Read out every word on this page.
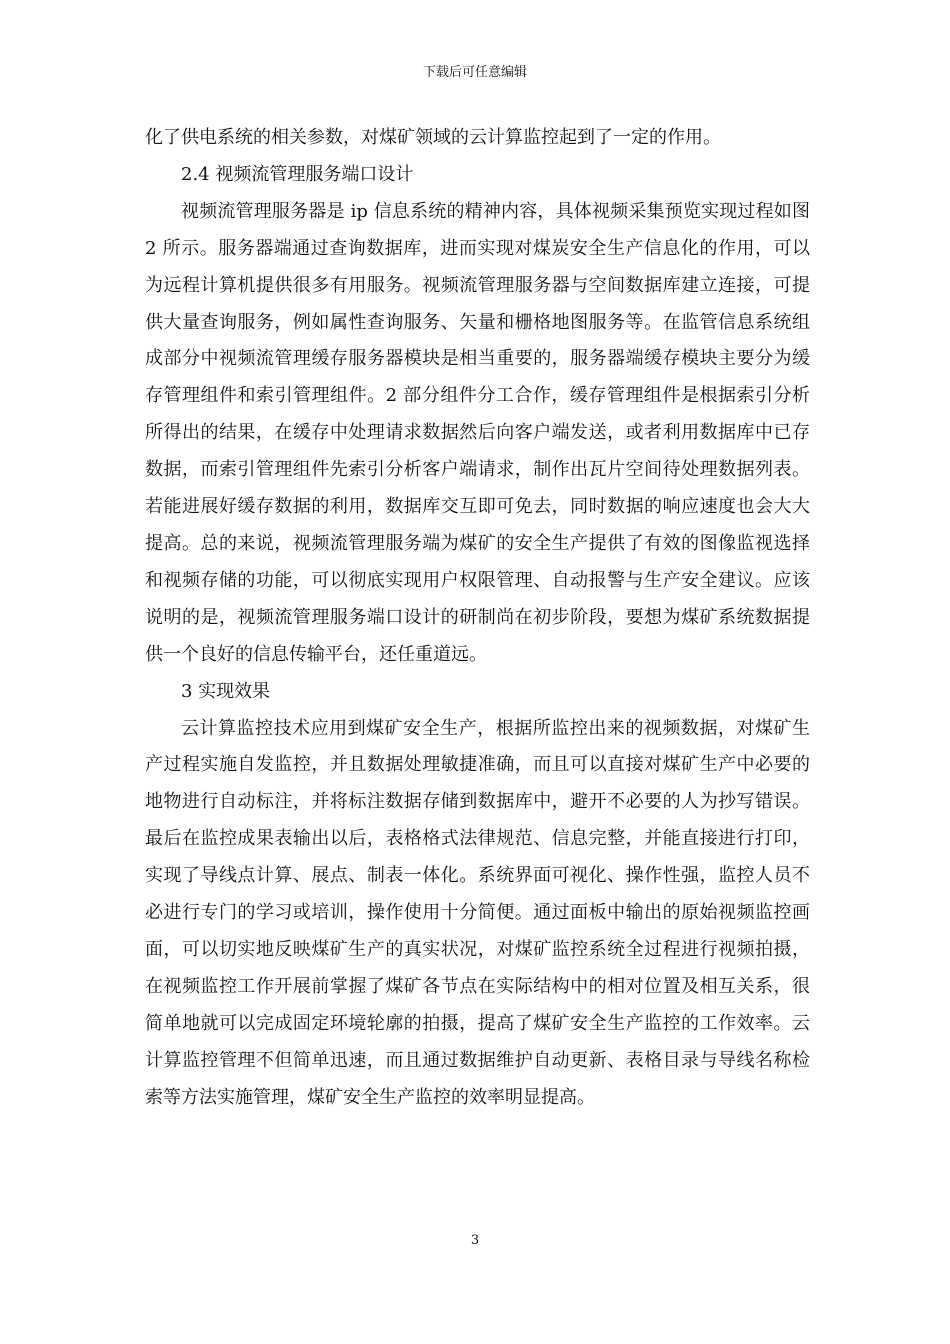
下载后可任意编辑

化了供电系统的相关参数，对煤矿领域的云计算监控起到了一定的作用。

2.4 视频流管理服务端口设计

视频流管理服务器是 ip 信息系统的精神内容，具体视频采集预览实现过程如图 2 所示。服务器端通过查询数据库，进而实现对煤炭安全生产信息化的作用，可以为远程计算机提供很多有用服务。视频流管理服务器与空间数据库建立连接，可提供大量查询服务，例如属性查询服务、矢量和栅格地图服务等。在监管信息系统组成部分中视频流管理缓存服务器模块是相当重要的，服务器端缓存模块主要分为缓存管理组件和索引管理组件。2 部分组件分工合作，缓存管理组件是根据索引分析所得出的结果，在缓存中处理请求数据然后向客户端发送，或者利用数据库中已存数据，而索引管理组件先索引分析客户端请求，制作出瓦片空间待处理数据列表。若能进展好缓存数据的利用，数据库交互即可免去，同时数据的响应速度也会大大提高。总的来说，视频流管理服务端为煤矿的安全生产提供了有效的图像监视选择和视频存储的功能，可以彻底实现用户权限管理、自动报警与生产安全建议。应该说明的是，视频流管理服务端口设计的研制尚在初步阶段，要想为煤矿系统数据提供一个良好的信息传输平台，还任重道远。

3 实现效果

云计算监控技术应用到煤矿安全生产，根据所监控出来的视频数据，对煤矿生产过程实施自发监控，并且数据处理敏捷准确，而且可以直接对煤矿生产中必要的地物进行自动标注，并将标注数据存储到数据库中，避开不必要的人为抄写错误。最后在监控成果表输出以后，表格格式法律规范、信息完整，并能直接进行打印，实现了导线点计算、展点、制表一体化。系统界面可视化、操作性强，监控人员不必进行专门的学习或培训，操作使用十分简便。通过面板中输出的原始视频监控画面，可以切实地反映煤矿生产的真实状况，对煤矿监控系统全过程进行视频拍摄，在视频监控工作开展前掌握了煤矿各节点在实际结构中的相对位置及相互关系，很简单地就可以完成固定环境轮廓的拍摄，提高了煤矿安全生产监控的工作效率。云计算监控管理不但简单迅速，而且通过数据维护自动更新、表格目录与导线名称检索等方法实施管理，煤矿安全生产监控的效率明显提高。

3
